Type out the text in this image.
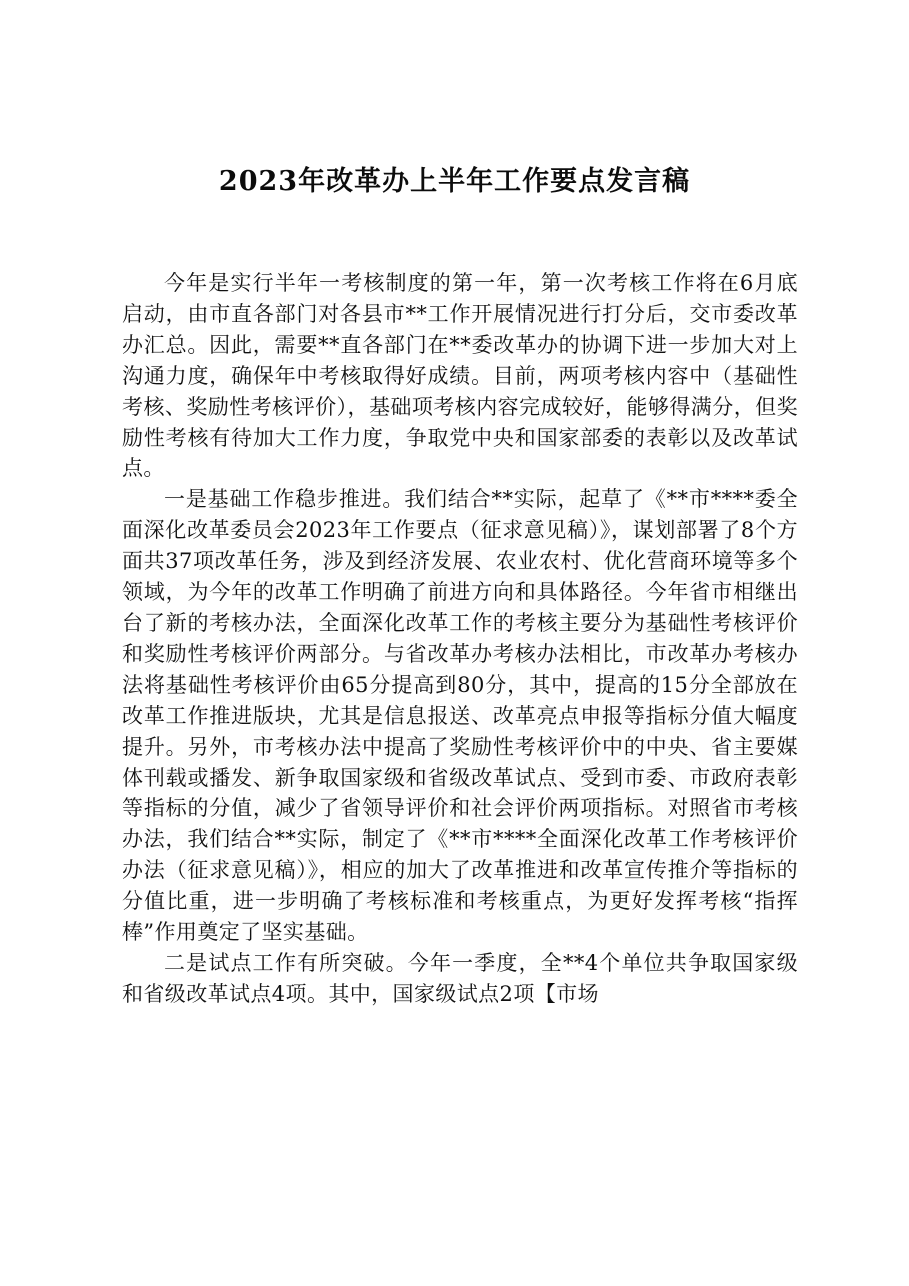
2023年改革办上半年工作要点发言稿

今年是实行半年一考核制度的第一年，第一次考核工作将在6月底启动，由市直各部门对各县市**工作开展情况进行打分后，交市委改革办汇总。因此，需要**直各部门在**委改革办的协调下进一步加大对上沟通力度，确保年中考核取得好成绩。目前，两项考核内容中（基础性考核、奖励性考核评价），基础项考核内容完成较好，能够得满分，但奖励性考核有待加大工作力度，争取党中央和国家部委的表彰以及改革试点。

一是基础工作稳步推进。我们结合**实际，起草了《**市****委全面深化改革委员会2023年工作要点（征求意见稿）》，谋划部署了8个方面共37项改革任务，涉及到经济发展、农业农村、优化营商环境等多个领域，为今年的改革工作明确了前进方向和具体路径。今年省市相继出台了新的考核办法，全面深化改革工作的考核主要分为基础性考核评价和奖励性考核评价两部分。与省改革办考核办法相比，市改革办考核办法将基础性考核评价由65分提高到80分，其中，提高的15分全部放在改革工作推进版块，尤其是信息报送、改革亮点申报等指标分值大幅度提升。另外，市考核办法中提高了奖励性考核评价中的中央、省主要媒体刊载或播发、新争取国家级和省级改革试点、受到市委、市政府表彰等指标的分值，减少了省领导评价和社会评价两项指标。对照省市考核办法，我们结合**实际，制定了《**市****全面深化改革工作考核评价办法（征求意见稿）》，相应的加大了改革推进和改革宣传推介等指标的分值比重，进一步明确了考核标准和考核重点，为更好发挥考核“指挥棒”作用奠定了坚实基础。

二是试点工作有所突破。今年一季度，全**4个单位共争取国家级和省级改革试点4项。其中，国家级试点2项【市场
